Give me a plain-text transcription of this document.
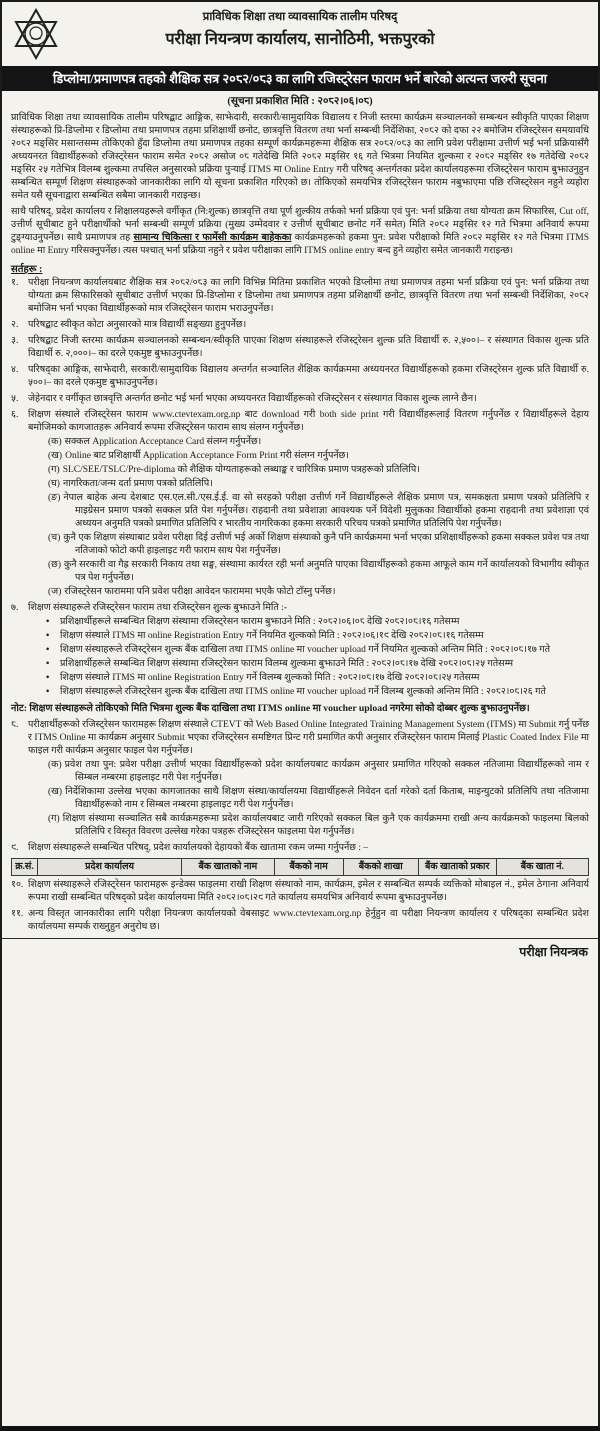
प्राविधिक शिक्षा तथा व्यावसायिक तालीम परिषद्
परीक्षा नियन्त्रण कार्यालय, सानोठिमी, भक्तपुरको
डिप्लोमा/प्रमाणपत्र तहको शैक्षिक सत्र २०८२/०८३ का लागि रजिस्ट्रेसन फाराम भर्ने बारेको अत्यन्त जरुरी सूचना
(सूचना प्रकाशित मिति : २०८२।०६।०८)

प्राविधिक शिक्षा तथा व्यावसायिक तालीम परिषद्बाट आङ्गिक, साझेदारी, सरकारी/सामुदायिक विद्यालय र निजी स्तरमा कार्यक्रम सञ्चालनको सम्बन्धन स्वीकृति पाएका शिक्षण संस्थाहरूको प्रि-डिप्लोमा र डिप्लोमा तथा प्रमाणपत्र तहमा प्रशिक्षार्थी छनोट, छात्रवृत्ति वितरण तथा भर्ना सम्बन्धी निर्देशिका, २०८२ को दफा २२ बमोजिम रजिस्ट्रेसन समयावधि २०८२ मङ्सिर मसान्तसम्म तोकिएको हुँदा डिप्लोमा तथा प्रमाणपत्र तहका सम्पूर्ण कार्यक्रमहरूमा शैक्षिक सत्र २०८२/०८३ का लागि प्रवेश परीक्षामा उत्तीर्ण भई भर्ना प्रक्रियासँगै अध्ययनरत विद्यार्थीहरूको रजिस्ट्रेसन फाराम समेत २०८२ असोज ०८ गतेदेखि मिति २०८२ मङ्सिर १६ गते भित्रमा नियमित शुल्कमा र २०८२ मङ्सिर १७ गतेदेखि २०८२ मङ्सिर २५ गतेभित्र विलम्ब शुल्कमा तपसिल अनुसारको प्रक्रिया पुऱ्याई ITMS मा Online Entry गरी परिषद् अन्तर्गतका प्रदेश कार्यालयहरूमा रजिस्ट्रेसन फाराम बुझाउनुहुन सम्बन्धित सम्पूर्ण शिक्षण संस्थाहरूको जानकारीका लागि यो सूचना प्रकाशित गरिएको छ। तोकिएको समयभित्र रजिस्ट्रेसन फाराम नबुझाएमा पछि रजिस्ट्रेसन नहुने व्यहोरा समेत यसै सूचनाद्वारा सम्बन्धित सबैमा जानकारी गराइन्छ।

साथै परिषद्, प्रदेश कार्यालय र शिक्षालयहरूले वर्गीकृत (नि:शुल्क) छात्रवृत्ति तथा पूर्ण शुल्कीय तर्फको भर्ना प्रक्रिया एवं पुन: भर्ना प्रक्रिया तथा योग्यता क्रम सिफारिस, Cut off, उत्तीर्ण सूचीबाट हुने परीक्षार्थीको भर्ना सम्बन्धी सम्पूर्ण प्रक्रिया (मुख्य उम्मेदवार र उत्तीर्ण सूचीबाट छनोट गर्ने समेत) मिति २०८२ मङ्सिर १२ गते भित्रमा अनिवार्य रूपमा टुङ्ग्याउनुपर्नेछ। साथै प्रमाणपत्र तह सामान्य चिकित्सा र फार्मेसी कार्यक्रम बाहेकका कार्यक्रमहरूको हकमा पुन: प्रवेश परीक्षाको मिति २०८२ मङ्सिर १२ गते भित्रमा ITMS online मा Entry गरिसक्नुपर्नेछ। त्यस पश्चात् भर्ना प्रक्रिया नहुने र प्रवेश परीक्षाका लागि ITMS online entry बन्द हुने व्यहोरा समेत जानकारी गराइन्छ।

सर्तहरू :
१.	परीक्षा नियन्त्रण कार्यालयबाट शैक्षिक सत्र २०८२/०८३ का लागि विभिन्न मितिमा प्रकाशित भएको डिप्लोमा तथा प्रमाणपत्र तहमा भर्ना प्रक्रिया एवं पुन: भर्ना प्रक्रिया तथा योग्यता क्रम सिफारिसको सूचीबाट उत्तीर्ण भएका प्रि-डिप्लोमा र डिप्लोमा तथा प्रमाणपत्र तहमा प्रशिक्षार्थी छनोट, छात्रवृत्ति वितरण तथा भर्ना सम्बन्धी निर्देशिका, २०८२ बमोजिम भर्ना भएका विद्यार्थीहरूको मात्र रजिस्ट्रेसन फाराम भराउनुपर्नेछ।
२.	परिषद्बाट स्वीकृत कोटा अनुसारको मात्र विद्यार्थी सङ्ख्या हुनुपर्नेछ।
३.	परिषद्बाट निजी स्तरमा कार्यक्रम सञ्चालनको सम्बन्धन/स्वीकृति पाएका शिक्षण संस्थाहरूले रजिस्ट्रेसन शुल्क प्रति विद्यार्थी रु. २,५००।– र संस्थागत विकास शुल्क प्रति विद्यार्थी रु. २,०००।– का दरले एकमुष्ट बुझाउनुपर्नेछ।
४.	परिषद्का आङ्गिक, साझेदारी, सरकारी/सामुदायिक विद्यालय अन्तर्गत सञ्चालित शैक्षिक कार्यक्रममा अध्ययनरत विद्यार्थीहरूको हकमा रजिस्ट्रेसन शुल्क प्रति विद्यार्थी रु. ५००।– का दरले एकमुष्ट बुझाउनुपर्नेछ।
५.	जेहेनदार र वर्गीकृत छात्रवृत्ति अन्तर्गत छनोट भई भर्ना भएका अध्ययनरत विद्यार्थीहरूको रजिस्ट्रेसन र संस्थागत विकास शुल्क लाग्ने छैन।
६.	शिक्षण संस्थाले रजिस्ट्रेसन फाराम www.ctevtexam.org.np बाट download गरी both side print गरी विद्यार्थीहरूलाई वितरण गर्नुपर्नेछ र विद्यार्थीहरूले देहाय बमोजिमको कागजातहरू अनिवार्य रूपमा रजिस्ट्रेसन फाराम साथ संलग्न गर्नुपर्नेछ।
(क) सक्कल Application Acceptance Card संलग्न गर्नुपर्नेछ।
(ख) Online बाट प्रशिक्षार्थी Application Acceptance Form Print गरी संलग्न गर्नुपर्नेछ।
(ग) SLC/SEE/TSLC/Pre-diploma को शैक्षिक योग्यताहरूको लब्धाङ्क र चारित्रिक प्रमाण पत्रहरूको प्रतिलिपि।
(घ) नागरिकता/जन्म दर्ता प्रमाण पत्रको प्रतिलिपि।
(ङ) नेपाल बाहेक अन्य देशबाट एस.एल.सी./एस.ई.ई. वा सो सरहको परीक्षा उत्तीर्ण गर्ने विद्यार्थीहरूले शैक्षिक प्रमाण पत्र, समकक्षता प्रमाण पत्रको प्रतिलिपि र माइग्रेसन प्रमाण पत्रको सक्कल प्रति पेश गर्नुपर्नेछ। राहदानी तथा प्रवेशाज्ञा आवश्यक पर्ने विदेशी मुलुकका विद्यार्थीको हकमा राहदानी तथा प्रवेशाज्ञा एवं अध्ययन अनुमति पत्रको प्रमाणित प्रतिलिपि र भारतीय नागरिकका हकमा सरकारी परिचय पत्रको प्रमाणित प्रतिलिपि पेश गर्नुपर्नेछ।
(च) कुनै एक शिक्षण संस्थाबाट प्रवेश परीक्षा दिई उत्तीर्ण भई अर्को शिक्षण संस्थाको कुनै पनि कार्यक्रममा भर्ना भएका प्रशिक्षार्थीहरूको हकमा सक्कल प्रवेश पत्र तथा नतिजाको फोटो कपी हाइलाइट गरी फाराम साथ पेश गर्नुपर्नेछ।
(छ) कुनै सरकारी वा गैह्र सरकारी निकाय तथा सङ्घ, संस्थामा कार्यरत रही भर्ना अनुमति पाएका विद्यार्थीहरूको हकमा आफूले काम गर्ने कार्यालयको विभागीय स्वीकृत पत्र पेश गर्नुपर्नेछ।
(ज) रजिस्ट्रेसन फाराममा पनि प्रवेश परीक्षा आवेदन फाराममा भएकै फोटो टाँस्नु पर्नेछ।
७.	शिक्षण संस्थाहरूले रजिस्ट्रेसन फाराम तथा रजिस्ट्रेसन शुल्क बुझाउने मिति :-
•	प्रशिक्षार्थीहरूले सम्बन्धित शिक्षण संस्थामा रजिस्ट्रेसन फाराम बुझाउने मिति : २०८२।०६।०८ देखि २०८२।०८।१६ गतेसम्म
•	शिक्षण संस्थाले ITMS मा online Registration Entry गर्ने नियमित शुल्कको मिति : २०८२।०६।१९ देखि २०८२।०८।१६ गतेसम्म
•	शिक्षण संस्थाहरूले रजिस्ट्रेसन शुल्क बैंक दाखिला तथा ITMS online मा voucher upload गर्ने नियमित शुल्कको अन्तिम मिति : २०८२।०८।१७ गते
•	प्रशिक्षार्थीहरूले सम्बन्धित शिक्षण संस्थामा रजिस्ट्रेसन फाराम विलम्ब शुल्कमा बुझाउने मिति : २०८२।०८।१७ देखि २०८२।०८।२५ गतेसम्म
•	शिक्षण संस्थाले ITMS मा online Registration Entry गर्ने विलम्ब शुल्कको मिति : २०८२।०८।१७ देखि २०८२।०८।२५ गतेसम्म
•	शिक्षण संस्थाहरूले रजिस्ट्रेसन शुल्क बैंक दाखिला तथा ITMS online मा voucher upload गर्ने विलम्ब शुल्कको अन्तिम मिति : २०८२।०८।२६ गते
नोट: शिक्षण संस्थाहरूले तोकिएको मिति भित्रमा शुल्क बैंक दाखिला तथा ITMS online मा voucher upload नगरेमा सोको दोब्बर शुल्क बुझाउनुपर्नेछ।
८.	परीक्षार्थीहरूको रजिस्ट्रेसन फारामहरू शिक्षण संस्थाले CTEVT को Web Based Online Integrated Training Management System (ITMS) मा Submit गर्नु पर्नेछ र ITMS Online मा कार्यक्रम अनुसार Submit भएका रजिस्ट्रेसन समष्टिगत प्रिन्ट गरी प्रमाणित कपी अनुसार रजिस्ट्रेसन फाराम मिलाई Plastic Coated Index File मा फाइल गरी कार्यक्रम अनुसार फाइल पेश गर्नुपर्नेछ।
(क) प्रवेश तथा पुन: प्रवेश परीक्षा उत्तीर्ण भएका विद्यार्थीहरूको प्रदेश कार्यालयबाट कार्यक्रम अनुसार प्रमाणित गरिएको सक्कल नतिजामा विद्यार्थीहरूको नाम र सिम्बल नम्बरमा हाइलाइट गरी पेश गर्नुपर्नेछ।
(ख) निर्देशिकामा उल्लेख भएका कागजातका साथै शिक्षण संस्था/कार्यालयमा विद्यार्थीहरूले निवेदन दर्ता गरेको दर्ता किताब, माइन्युटको प्रतिलिपि तथा नतिजामा विद्यार्थीहरूको नाम र सिम्बल नम्बरमा हाइलाइट गरी पेश गर्नुपर्नेछ।
(ग) शिक्षण संस्थामा सञ्चालित सबै कार्यक्रमहरूमा प्रदेश कार्यालयबाट जारी गरिएको सक्कल बिल कुनै एक कार्यक्रममा राखी अन्य कार्यक्रमको फाइलमा बिलको प्रतिलिपि र विस्तृत विवरण उल्लेख गरेका पत्रहरू रजिस्ट्रेसन फाइलमा पेश गर्नुपर्नेछ।
९.	शिक्षण संस्थाहरूले सम्बन्धित परिषद्, प्रदेश कार्यालयको देहायको बैंक खातामा रकम जम्मा गर्नुपर्नेछ : –
क्र.सं.	प्रदेश कार्यालय	बैंक खाताको नाम	बैंकको नाम	बैंकको शाखा	बैंक खाताको प्रकार	बैंक खाता नं.

१०. शिक्षण संस्थाहरूले रजिस्ट्रेसन फारामहरू इन्डेक्स फाइलमा राखी शिक्षण संस्थाको नाम, कार्यक्रम, इमेल र सम्बन्धित सम्पर्क व्यक्तिको मोबाइल नं., इमेल ठेगाना अनिवार्य रूपमा राखी सम्बन्धित परिषद्को प्रदेश कार्यालयमा मिति २०८२।०८।२९ गते कार्यालय समयभित्र अनिवार्य रूपमा बुझाउनुपर्नेछ।
११. अन्य विस्तृत जानकारीका लागि परीक्षा नियन्त्रण कार्यालयको वेबसाइट www.ctevtexam.org.np हेर्नुहुन वा परीक्षा नियन्त्रण कार्यालय र परिषद्का सम्बन्धित प्रदेश कार्यालयमा सम्पर्क राख्नुहुन अनुरोध छ।
परीक्षा नियन्त्रक
